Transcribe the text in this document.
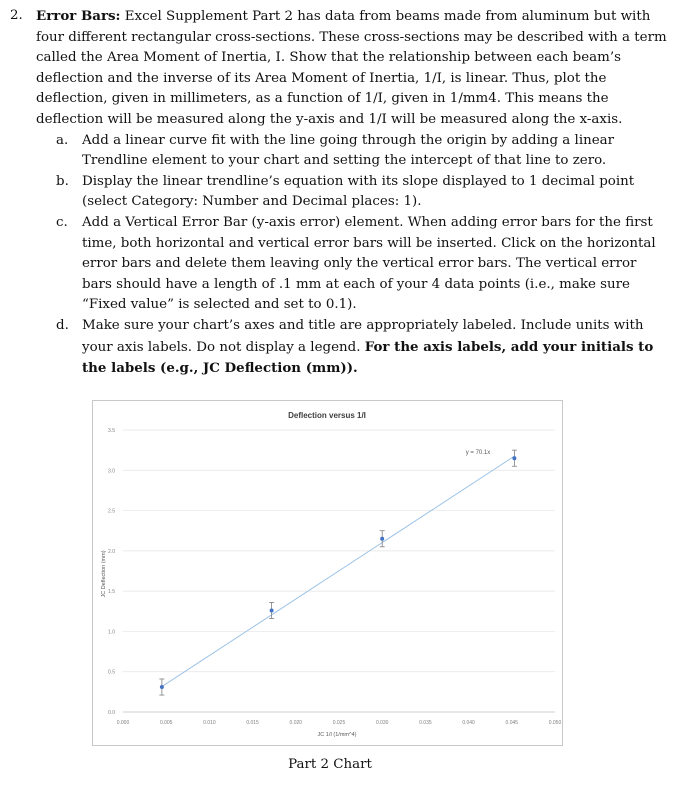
2. Error Bars: Excel Supplement Part 2 has data from beams made from aluminum but with four different rectangular cross-sections. These cross-sections may be described with a term called the Area Moment of Inertia, I. Show that the relationship between each beam’s deflection and the inverse of its Area Moment of Inertia, 1/I, is linear. Thus, plot the deflection, given in millimeters, as a function of 1/I, given in 1/mm4. This means the deflection will be measured along the y-axis and 1/I will be measured along the x-axis.
a. Add a linear curve fit with the line going through the origin by adding a linear Trendline element to your chart and setting the intercept of that line to zero.
b. Display the linear trendline’s equation with its slope displayed to 1 decimal point (select Category: Number and Decimal places: 1).
c. Add a Vertical Error Bar (y-axis error) element. When adding error bars for the first time, both horizontal and vertical error bars will be inserted. Click on the horizontal error bars and delete them leaving only the vertical error bars. The vertical error bars should have a length of .1 mm at each of your 4 data points (i.e., make sure “Fixed value” is selected and set to 0.1).
d. Make sure your chart’s axes and title are appropriately labeled. Include units with your axis labels. Do not display a legend. For the axis labels, add your initials to the labels (e.g., JC Deflection (mm)).
0.0
0.5
1.0
1.5
2.0
2.5
3.0
3.5
0.000	0.005	0.010	0.015	0.020	0.025	0.030	0.035	0.040	0.045	0.050
Deflection versus 1/I
JC 1/I (1/mm^4)
JC Deflection (mm)
y = 70.1x
Part 2 Chart
